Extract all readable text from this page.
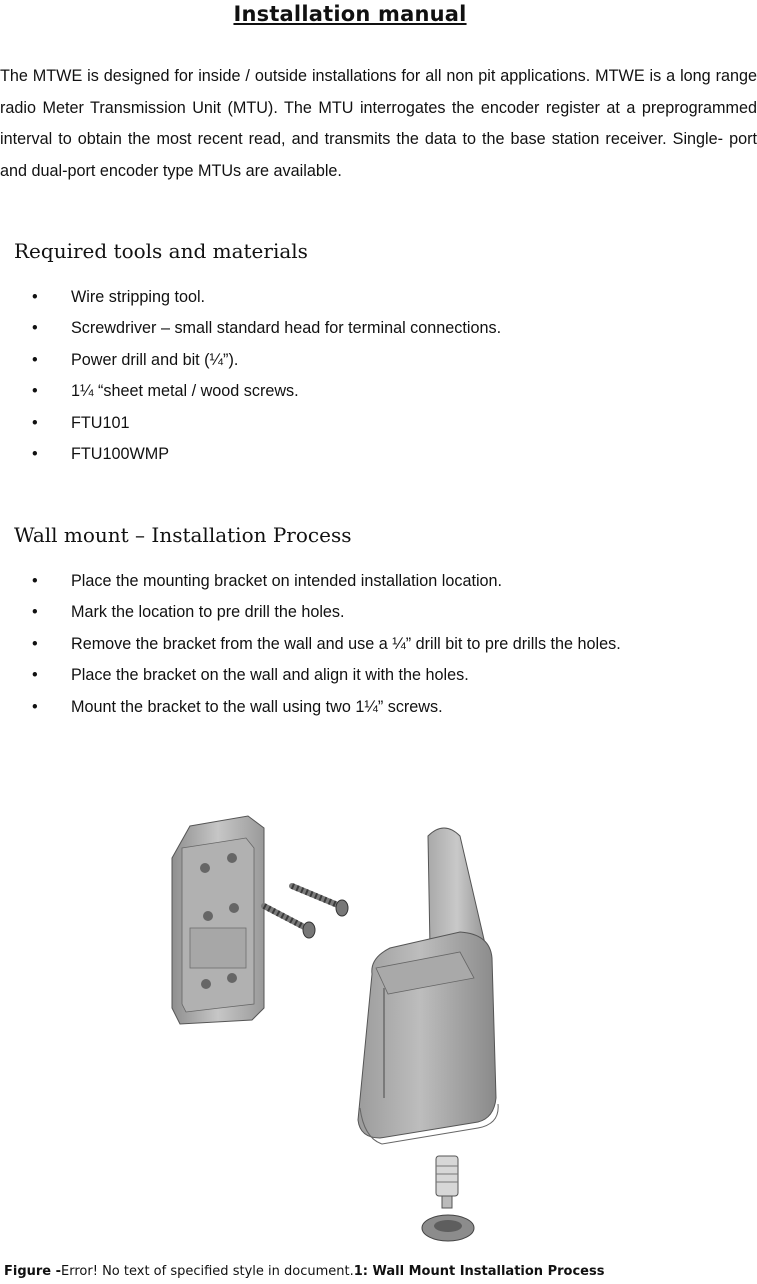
Installation manual

The MTWE is designed for inside / outside installations for all non pit applications. MTWE is a long range radio Meter Transmission Unit (MTU). The MTU interrogates the encoder register at a preprogrammed interval to obtain the most recent read, and transmits the data to the base station receiver. Single- port and dual-port encoder type MTUs are available.

Required tools and materials
• Wire stripping tool.
• Screwdriver – small standard head for terminal connections.
• Power drill and bit (¼”).
• 1¼ “sheet metal / wood screws.
• FTU101
• FTU100WMP
Wall mount – Installation Process
• Place the mounting bracket on intended installation location.
• Mark the location to pre drill the holes.
• Remove the bracket from the wall and use a ¼” drill bit to pre drills the holes.
• Place the bracket on the wall and align it with the holes.
• Mount the bracket to the wall using two 1¼” screws.
Figure -Error! No text of specified style in document.1: Wall Mount Installation Process
